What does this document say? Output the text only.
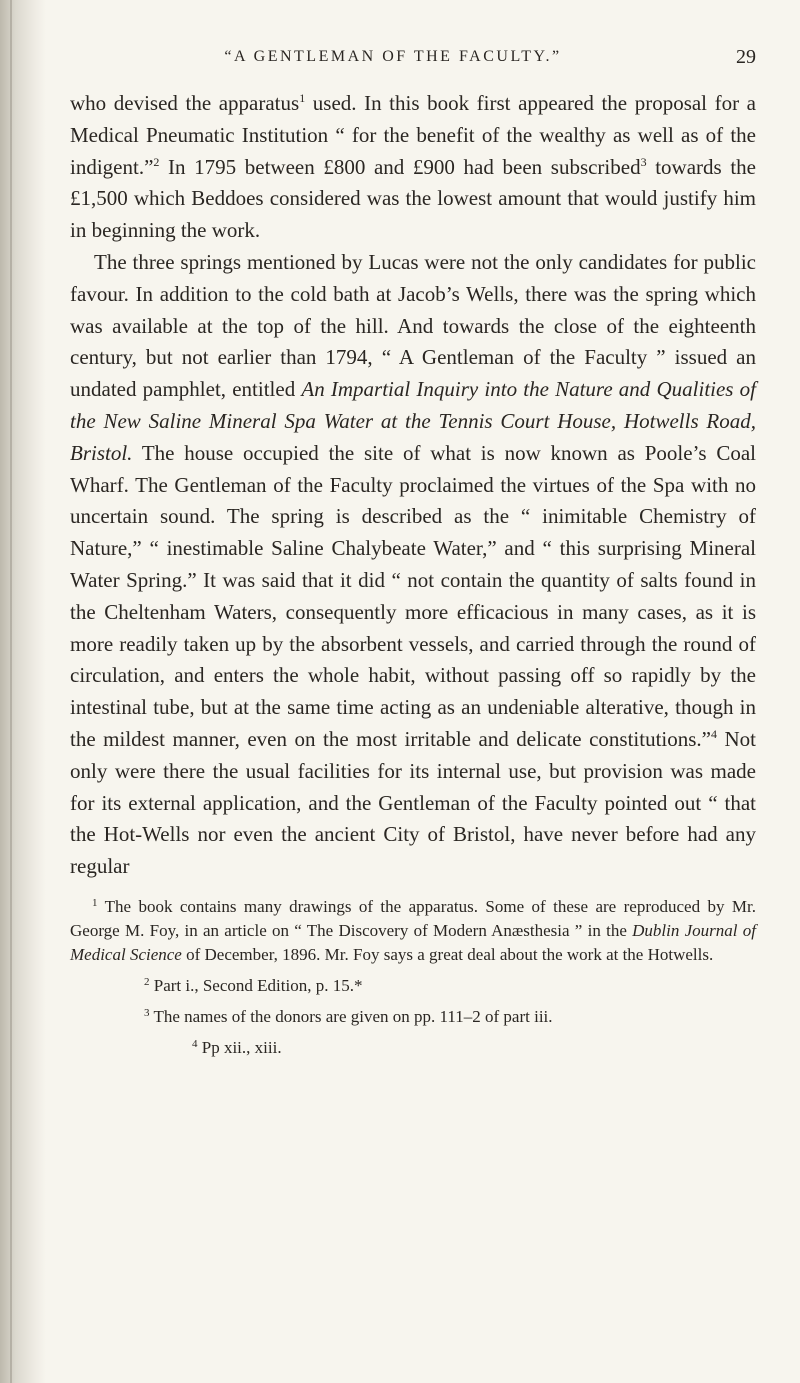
“A GENTLEMAN OF THE FACULTY.”	29

who devised the apparatus$^1$ used. In this book first appeared the proposal for a Medical Pneumatic Institution “ for the benefit of the wealthy as well as of the indigent.”$^2$ In 1795 between £800 and £900 had been subscribed$^3$ towards the £1,500 which Beddoes considered was the lowest amount that would justify him in beginning the work.

The three springs mentioned by Lucas were not the only candidates for public favour. In addition to the cold bath at Jacob’s Wells, there was the spring which was available at the top of the hill. And towards the close of the eighteenth century, but not earlier than 1794, “ A Gentleman of the Faculty ” issued an undated pamphlet, entitled An Impartial Inquiry into the Nature and Qualities of the New Saline Mineral Spa Water at the Tennis Court House, Hotwells Road, Bristol. The house occupied the site of what is now known as Poole’s Coal Wharf. The Gentleman of the Faculty proclaimed the virtues of the Spa with no uncertain sound. The spring is described as the “ inimitable Chemistry of Nature,” “ inestimable Saline Chalybeate Water,” and “ this surprising Mineral Water Spring.” It was said that it did “ not contain the quantity of salts found in the Cheltenham Waters, consequently more efficacious in many cases, as it is more readily taken up by the absorbent vessels, and carried through the round of circulation, and enters the whole habit, without passing off so rapidly by the intestinal tube, but at the same time acting as an undeniable alterative, though in the mildest manner, even on the most irritable and delicate constitutions.”$^4$ Not only were there the usual facilities for its internal use, but provision was made for its external application, and the Gentleman of the Faculty pointed out “ that the Hot-Wells nor even the ancient City of Bristol, have never before had any regular

$^1$ The book contains many drawings of the apparatus. Some of these are reproduced by Mr. George M. Foy, in an article on “ The Discovery of Modern Anæsthesia ” in the Dublin Journal of Medical Science of December, 1896. Mr. Foy says a great deal about the work at the Hotwells.

$^2$ Part i., Second Edition, p. 15.*

$^3$ The names of the donors are given on pp. 111–2 of part iii.

$^4$ Pp xii., xiii.
